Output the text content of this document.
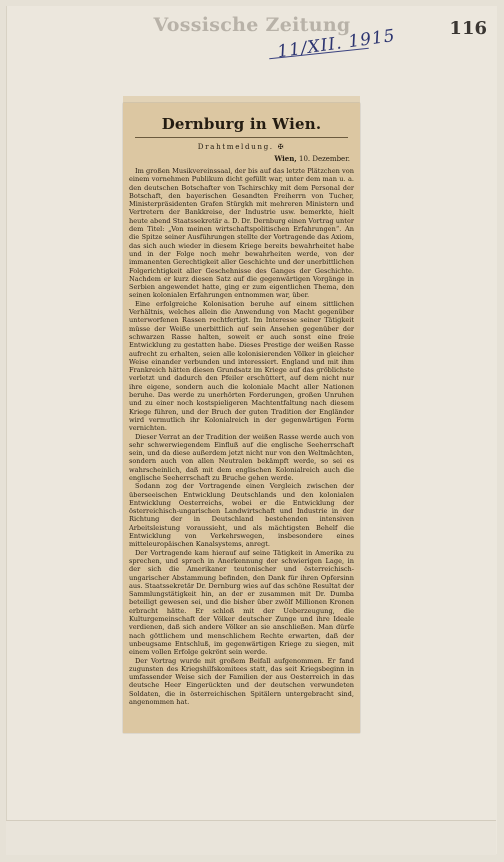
Vossische Zeitung	116
11/XII. 1915
Dernburg in Wien.
Drahtmeldung. ✠
Wien, 10. Dezember.

Im großen Musikvereinssaal, der bis auf das letzte Plätzchen von einem vornehmen Publikum dicht gefüllt war, unter dem man u. a. den deutschen Botschafter von Tschirschky mit dem Personal der Botschaft, den bayerischen Gesandten Freiherrn von Tucher, Ministerpräsidenten Grafen Stürgkh mit mehreren Ministern und Vertretern der Bankkreise, der Industrie usw. bemerkte, hielt heute abend Staatssekretär a. D. Dr. Dernburg einen Vortrag unter dem Titel: „Von meinen wirtschaftspolitischen Erfahrungen“. An die Spitze seiner Ausführungen stellte der Vortragende das Axiom, das sich auch wieder in diesem Kriege bereits bewahrheitet habe und in der Folge noch mehr bewahrheiten werde, von der immanenten Gerechtigkeit aller Geschichte und der unerbittlichen Folgerichtigkeit aller Geschehnisse des Ganges der Geschichte. Nachdem er kurz diesen Satz auf die gegenwärtigen Vorgänge in Serbien angewendet hatte, ging er zum eigentlichen Thema, den seinen kolonialen Erfahrungen entnommen war, über.

Eine erfolgreiche Kolonisation beruhe auf einem sittlichen Verhältnis, welches allein die Anwendung von Macht gegenüber unterworfenen Rassen rechtfertigt. Im Interesse seiner Tätigkeit müsse der Weiße unerbittlich auf sein Ansehen gegenüber der schwarzen Rasse halten, soweit er auch sonst eine freie Entwicklung zu gestatten habe. Dieses Prestige der weißen Rasse aufrecht zu erhalten, seien alle kolonisierenden Völker in gleicher Weise einander verbunden und interessiert. England und mit ihm Frankreich hätten diesen Grundsatz im Kriege auf das gröblichste verletzt und dadurch den Pfeiler erschüttert, auf dem nicht nur ihre eigene, sondern auch die koloniale Macht aller Nationen beruhe. Das werde zu unerhörten Forderungen, großen Unruhen und zu einer noch kostspieligeren Machtentfaltung nach diesem Kriege führen, und der Bruch der guten Tradition der Engländer wird vermutlich ihr Kolonialreich in der gegenwärtigen Form vernichten.

Dieser Verrat an der Tradition der weißen Rasse werde auch von sehr schwerwiegendem Einfluß auf die englische Seeherrschaft sein, und da diese außerdem jetzt nicht nur von den Weltmächten, sondern auch von allen Neutralen bekämpft werde, so sei es wahrscheinlich, daß mit dem englischen Kolonialreich auch die englische Seeherrschaft zu Bruche gehen werde.

Sodann zog der Vortragende einen Vergleich zwischen der überseeischen Entwicklung Deutschlands und den kolonialen Entwicklung Oesterreichs, wobei er die Entwicklung der österreichisch-ungarischen Landwirtschaft und Industrie in der Richtung der in Deutschland bestehenden intensiven Arbeitsleistung voraussieht, und als mächtigsten Behelf die Entwicklung von Verkehrswegen, insbesondere eines mitteleuropäischen Kanalsystems, anregt.

Der Vortragende kam hierauf auf seine Tätigkeit in Amerika zu sprechen, und sprach in Anerkennung der schwierigen Lage, in der sich die Amerikaner teutonischer und österreichisch-ungarischer Abstammung befinden, den Dank für ihren Opfersinn aus. Staatssekretär Dr. Dernburg wies auf das schöne Resultat der Sammlungstätigkeit hin, an der er zusammen mit Dr. Dumba beteiligt gewesen sei, und die bisher über zwölf Millionen Kronen erbracht hätte. Er schloß mit der Ueberzeugung, die Kulturgemeinschaft der Völker deutscher Zunge und ihre Ideale verdienen, daß sich andere Völker an sie anschließen. Man dürfe nach göttlichem und menschlichem Rechte erwarten, daß der unbeugsame Entschluß, im gegenwärtigen Kriege zu siegen, mit einem vollen Erfolge gekrönt sein werde.

Der Vortrag wurde mit großem Beifall aufgenommen. Er fand zugunsten des Kriegshilfskomitees statt, das seit Kriegsbeginn in umfassender Weise sich der Familien der aus Oesterreich in das deutsche Heer Eingerückten und der deutschen verwundeten Soldaten, die in österreichischen Spitälern untergebracht sind, angenommen hat.
